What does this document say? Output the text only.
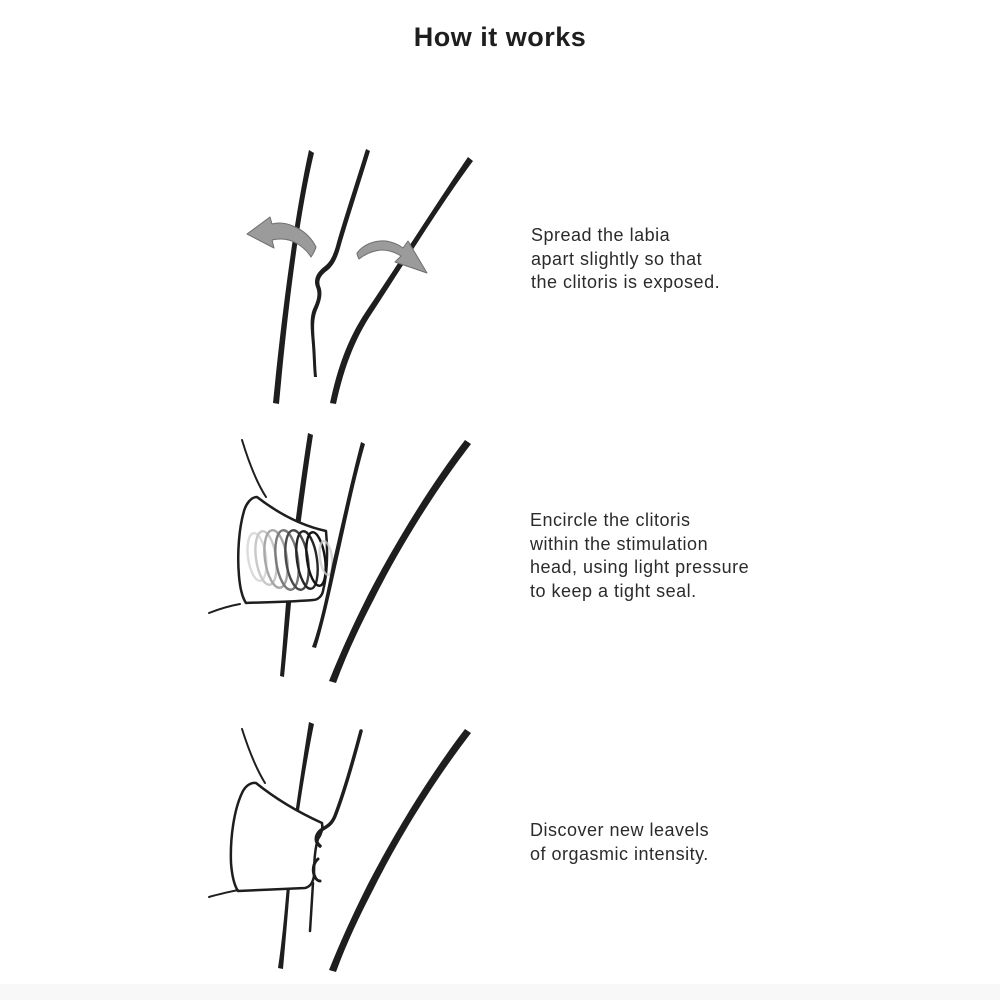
How it works
Spread the labia
apart slightly so that
the clitoris is exposed.
Encircle the clitoris
within the stimulation
head, using light pressure
to keep a tight seal.
Discover new leavels
of orgasmic intensity.
